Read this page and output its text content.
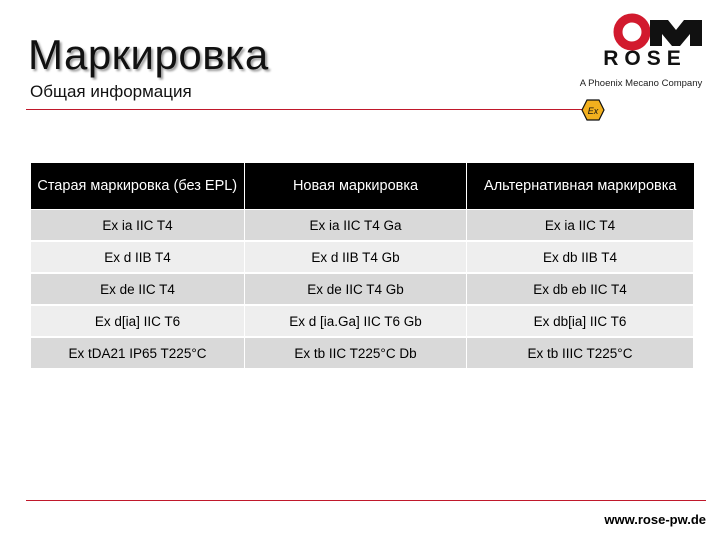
Маркировка
Общая информация
ROSE
A Phoenix Mecano Company
Ex
Старая маркировка (без EPL)	Новая маркировка	Альтернативная маркировка
Ex ia IIC T4	Ex ia IIC T4 Ga	Ex ia IIC T4
Ex d IIB T4	Ex d IIB T4 Gb	Ex db IIB T4
Ex de IIC T4	Ex de IIC T4 Gb	Ex db eb IIC T4
Ex d[ia] IIC T6	Ex d [ia.Ga] IIC T6 Gb	Ex db[ia] IIC T6
Ex tDA21 IP65 T225°C	Ex tb IIC T225°C Db	Ex tb IIIC T225°C
www.rose-pw.de
